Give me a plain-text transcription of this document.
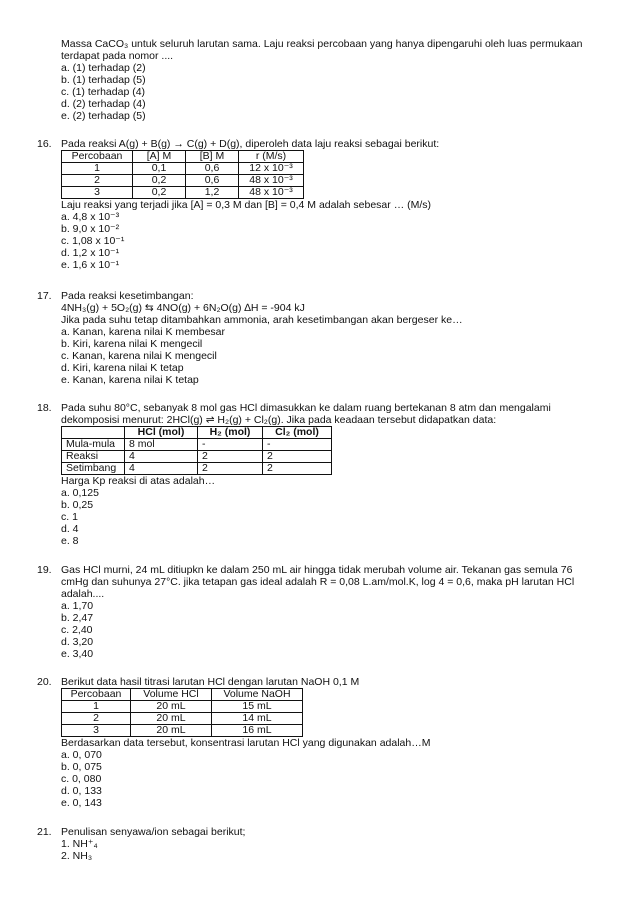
Massa CaCO₃ untuk seluruh larutan sama. Laju reaksi percobaan yang hanya dipengaruhi oleh luas permukaan
terdapat pada nomor ....
a. (1) terhadap (2)
b. (1) terhadap (5)
c. (1) terhadap (4)
d. (2) terhadap (4)
e. (2) terhadap (5)
16. Pada reaksi A(g) + B(g) → C(g) + D(g), diperoleh data laju reaksi sebagai berikut:
Percobaan	[A] M	[B] M	r (M/s)
1	0,1	0,6	12 x 10⁻³
2	0,2	0,6	48 x 10⁻³
3	0,2	1,2	48 x 10⁻³
Laju reaksi yang terjadi jika [A] = 0,3 M dan [B] = 0,4 M adalah sebesar … (M/s)
a. 4,8 x 10⁻³
b. 9,0 x 10⁻²
c. 1,08 x 10⁻¹
d. 1,2 x 10⁻¹
e. 1,6 x 10⁻¹
17. Pada reaksi kesetimbangan:
4NH₃(g) + 5O₂(g) ⇆ 4NO(g) + 6N₂O(g) ∆H = -904 kJ
Jika pada suhu tetap ditambahkan ammonia, arah kesetimbangan akan bergeser ke…
a. Kanan, karena nilai K membesar
b. Kiri, karena nilai K mengecil
c. Kanan, karena nilai K mengecil
d. Kiri, karena nilai K tetap
e. Kanan, karena nilai K tetap
18. Pada suhu 80°C, sebanyak 8 mol gas HCl dimasukkan ke dalam ruang bertekanan 8 atm dan mengalami
dekomposisi menurut: 2HCl(g) ⇌ H₂(g) + Cl₂(g). Jika pada keadaan tersebut didapatkan data:
	HCl (mol)	H₂ (mol)	Cl₂ (mol)
Mula-mula	8 mol	-	-
Reaksi	4	2	2
Setimbang	4	2	2
Harga Kp reaksi di atas adalah…
a. 0,125
b. 0,25
c. 1
d. 4
e. 8
19. Gas HCl murni, 24 mL ditiupkn ke dalam 250 mL air hingga tidak merubah volume air. Tekanan gas semula 76
cmHg dan suhunya 27°C. jika tetapan gas ideal adalah R = 0,08 L.am/mol.K, log 4 = 0,6, maka pH larutan HCl
adalah....
a. 1,70
b. 2,47
c. 2,40
d. 3,20
e. 3,40
20. Berikut data hasil titrasi larutan HCl dengan larutan NaOH 0,1 M
Percobaan	Volume HCl	Volume NaOH
1	20 mL	15 mL
2	20 mL	14 mL
3	20 mL	16 mL
Berdasarkan data tersebut, konsentrasi larutan HCl yang digunakan adalah…M
a. 0, 070
b. 0, 075
c. 0, 080
d. 0, 133
e. 0, 143
21. Penulisan senyawa/ion sebagai berikut;
1. NH⁺₄
2. NH₃
